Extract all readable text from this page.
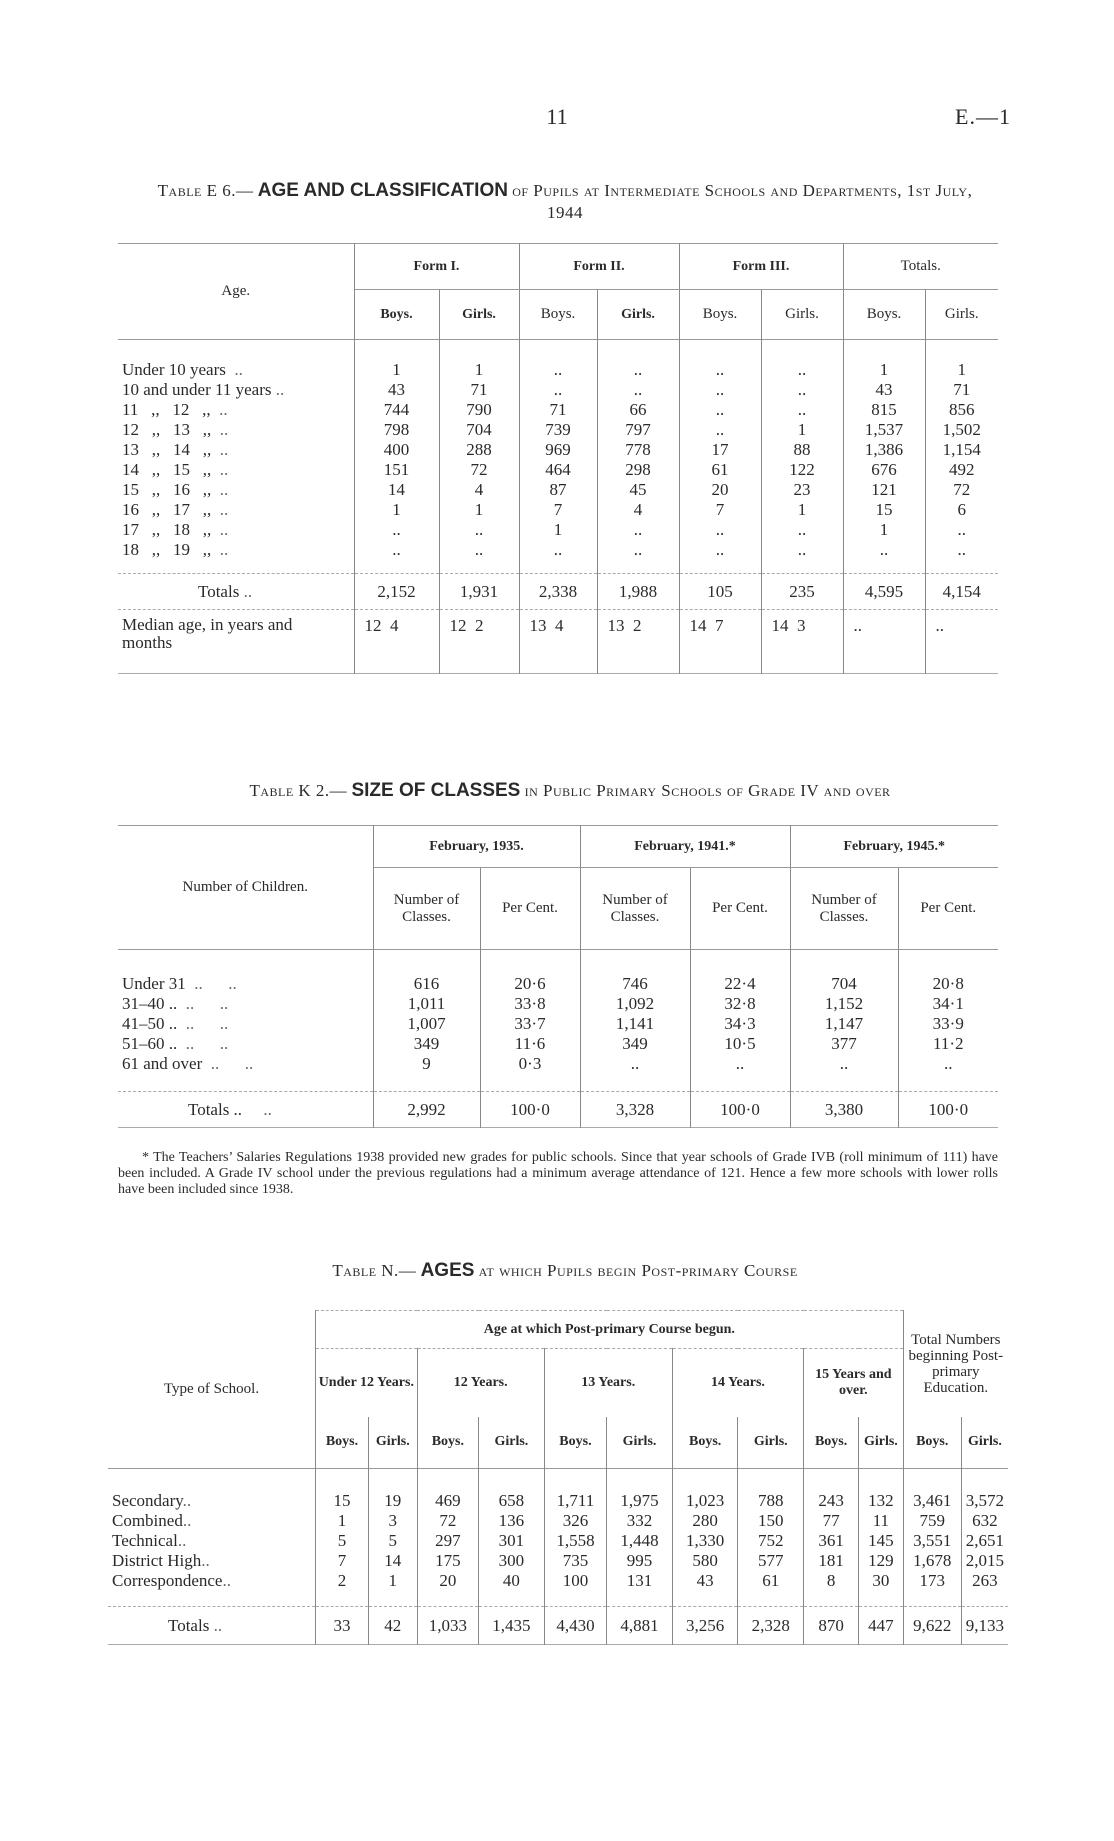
11	E.—1
Table E 6.— AGE AND CLASSIFICATION of Pupils at Intermediate Schools and Departments, 1st July, 1944
Age.	Form I.		Form II.		Form III.		Totals.	
	Boys.	Girls.	Boys.	Girls.	Boys.	Girls.	Boys.	Girls.

Under 10 years  ..	1	1	..	..	..	..	1	1
10 and under 11 years ..	43	71	..	..	..	..	43	71
11   ,,   12   ,,  ..	744	790	71	66	..	..	815	856
12   ,,   13   ,,  ..	798	704	739	797	..	1	1,537	1,502
13   ,,   14   ,,  ..	400	288	969	778	17	88	1,386	1,154
14   ,,   15   ,,  ..	151	72	464	298	61	122	676	492
15   ,,   16   ,,  ..	14	4	87	45	20	23	121	72
16   ,,   17   ,,  ..	1	1	7	4	7	1	15	6
17   ,,   18   ,,  ..	..	..	1	..	..	..	1	..
18   ,,   19   ,,  ..	..	..	..	..	..	..	..	..

Totals ..	2,152	1,931	2,338	1,988	105	235	4,595	4,154

Median age, in years and
months	12  4	12  2	13  4	13  2	14  7	14  3	..	..
Table K 2.— SIZE OF CLASSES in Public Primary Schools of Grade IV and over
Number of Children.	February, 1935.		February, 1941.*		February, 1945.*	
	Number of Classes.	Per Cent.	Number of Classes.	Per Cent.	Number of Classes.	Per Cent.

Under 31  ..      ..	616	20·6	746	22·4	704	20·8
31–40 ..  ..      ..	1,011	33·8	1,092	32·8	1,152	34·1
41–50 ..  ..      ..	1,007	33·7	1,141	34·3	1,147	33·9
51–60 ..  ..      ..	349	11·6	349	10·5	377	11·2
61 and over  ..      ..	9	0·3	..	..	..	..

Totals ..     ..	2,992	100·0	3,328	100·0	3,380	100·0
* The Teachers’ Salaries Regulations 1938 provided new grades for public schools. Since that year schools of Grade IVB (roll minimum of 111) have been included. A Grade IV school under the previous regulations had a minimum average attendance of 121. Hence a few more schools with lower rolls have been included since 1938.
Table N.— AGES at which Pupils begin Post-primary Course
Type of School.	Age at which Post-primary Course begun.										Total Numbers beginning Post-primary Education.	
	Under 12 Years.		12 Years.		13 Years.		14 Years.		15 Years and over.			
	Boys.	Girls.	Boys.	Girls.	Boys.	Girls.	Boys.	Girls.	Boys.	Girls.	Boys.	Girls.

Secondary..	15	19	469	658	1,711	1,975	1,023	788	243	132	3,461	3,572
Combined..	1	3	72	136	326	332	280	150	77	11	759	632
Technical..	5	5	297	301	1,558	1,448	1,330	752	361	145	3,551	2,651
District High..	7	14	175	300	735	995	580	577	181	129	1,678	2,015
Correspondence..	2	1	20	40	100	131	43	61	8	30	173	263

Totals ..	33	42	1,033	1,435	4,430	4,881	3,256	2,328	870	447	9,622	9,133
